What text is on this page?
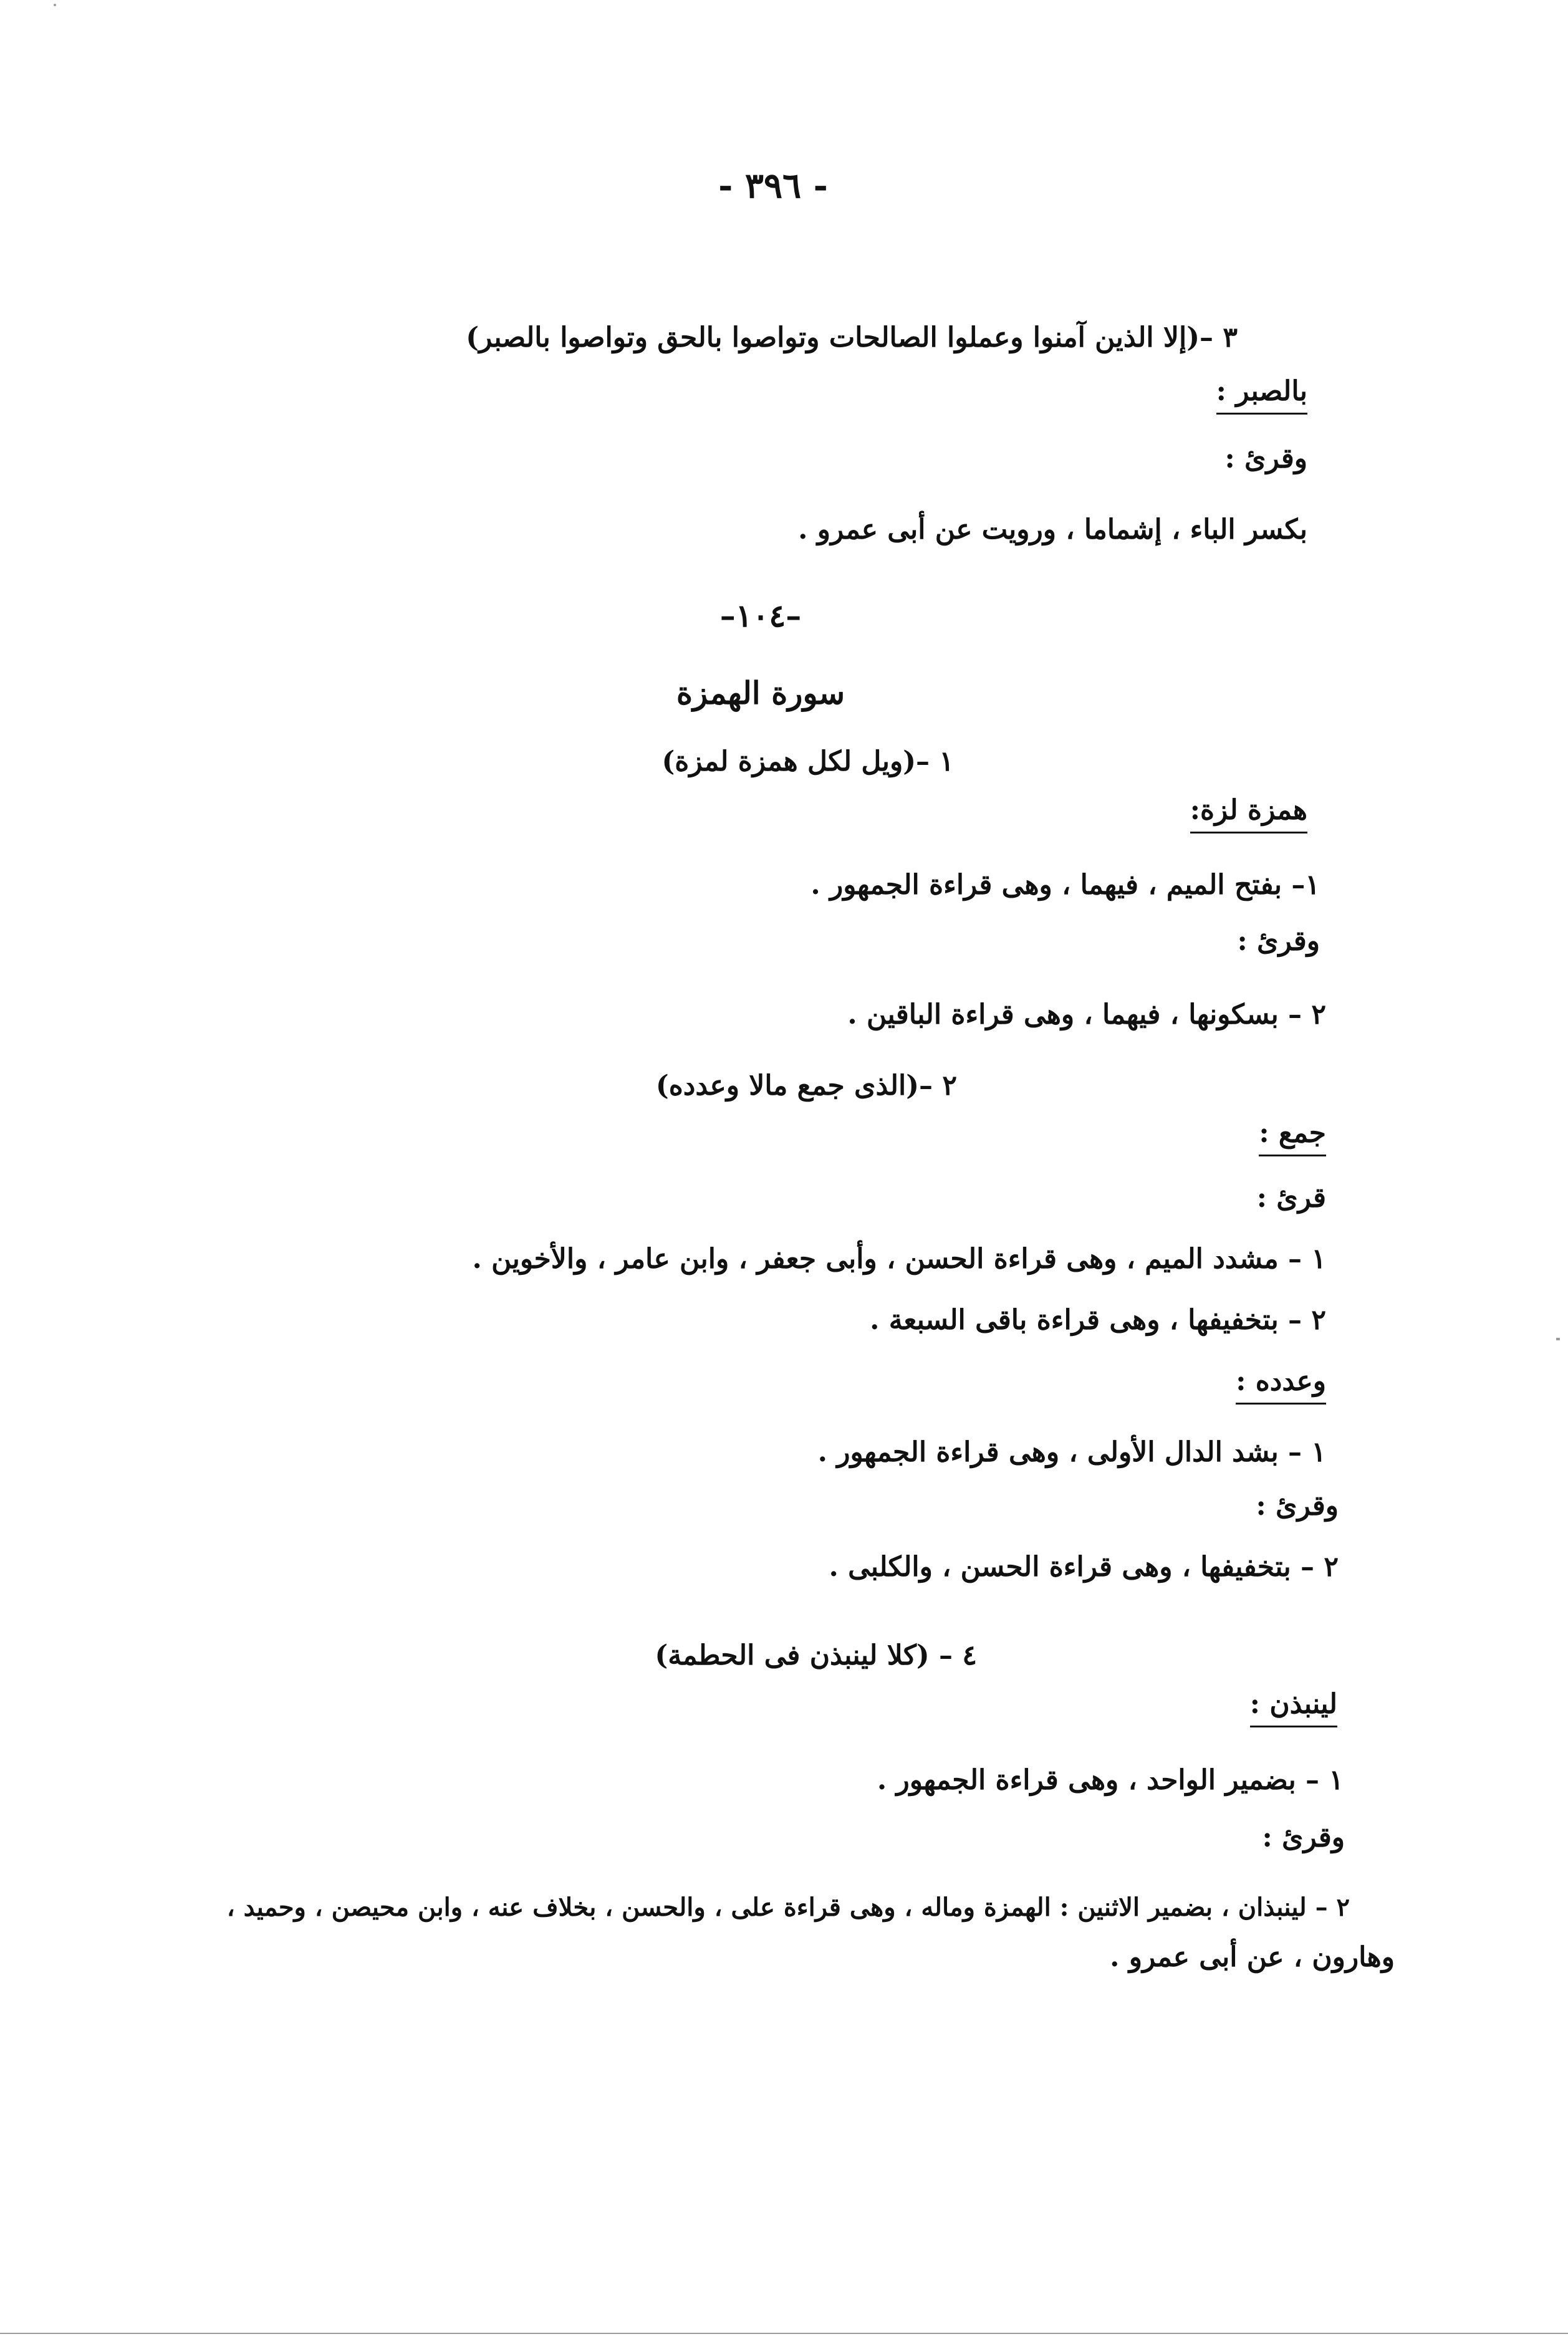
- ٣٩٦ -
٣ –(إلا الذين آمنوا وعملوا الصالحات وتواصوا بالحق وتواصوا بالصبر)
بالصبر :
وقرئ :
بكسر الباء ، إشماما ، ورويت عن أبى عمرو .
–١٠٤–
سورة الهمزة
١ –(ويل لكل همزة لمزة)
همزة لزة:
١– بفتح الميم ، فيهما ، وهى قراءة الجمهور .
وقرئ :
٢ – بسكونها ، فيهما ، وهى قراءة الباقين .
٢ –(الذى جمع مالا وعدده)
جمع :
قرئ :
١ – مشدد الميم ، وهى قراءة الحسن ، وأبى جعفر ، وابن عامر ، والأخوين .
٢ – بتخفيفها ، وهى قراءة باقى السبعة .
وعدده :
١ – بشد الدال الأولى ، وهى قراءة الجمهور .
وقرئ :
٢ – بتخفيفها ، وهى قراءة الحسن ، والكلبى .
٤ – (كلا لينبذن فى الحطمة)
لينبذن :
١ – بضمير الواحد ، وهى قراءة الجمهور .
وقرئ :
٢ – لينبذان ، بضمير الاثنين : الهمزة وماله ، وهى قراءة على ، والحسن ، بخلاف عنه ، وابن محيصن ، وحميد ،
وهارون ، عن أبى عمرو .
